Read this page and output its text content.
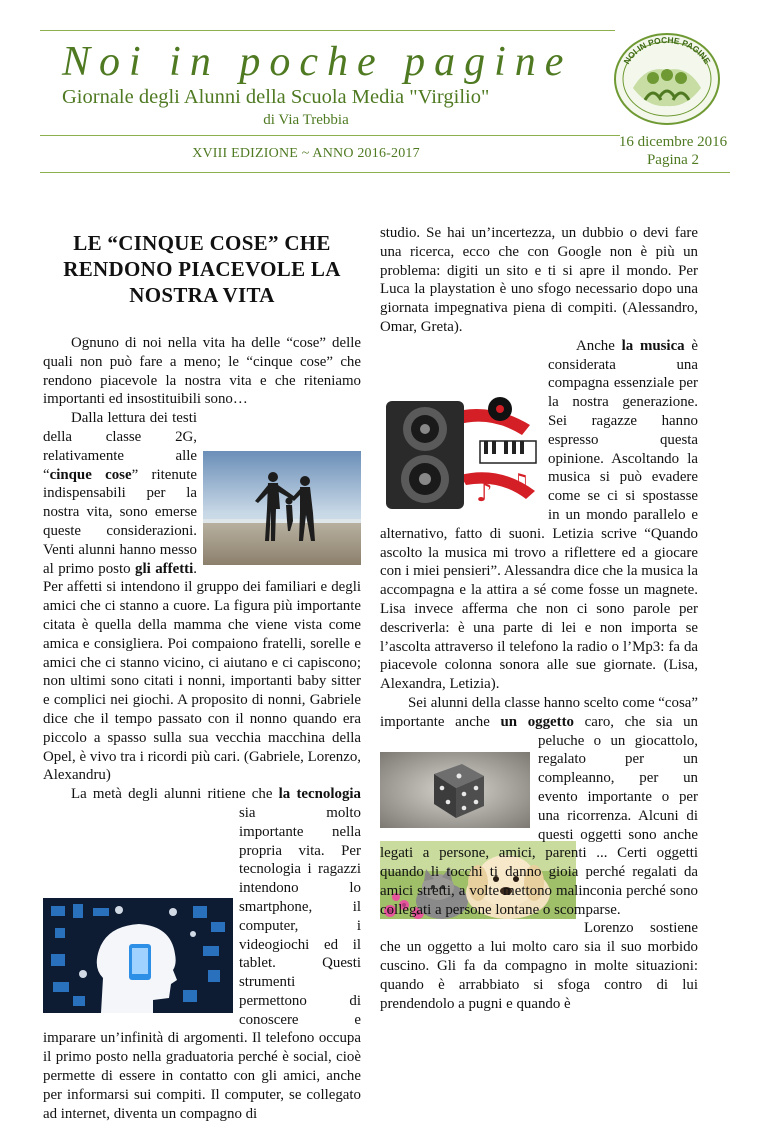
Noi in poche pagine
Giornale degli Alunni della Scuola Media "Virgilio"
di Via Trebbia
XVIII EDIZIONE ~ ANNO 2016-2017
16 dicembre 2016
Pagina 2
NOI IN POCHE PAGINE
LE “CINQUE COSE” CHE RENDONO PIACEVOLE LA NOSTRA VITA

Ognuno di noi nella vita ha delle “cose” delle quali non può fare a meno; le “cinque cose” che rendono piacevole la nostra vita e che riteniamo importanti ed insostituibili sono…

Dalla lettura dei testi della classe 2G, relativamente alle “cinque cose” ritenute indispensabili per la nostra vita, sono emerse queste considerazioni. Venti alunni hanno messo al primo posto gli affetti. Per affetti si intendono il gruppo dei familiari e degli amici che ci stanno a cuore. La figura più importante citata è quella della mamma che viene vista come amica e consigliera. Poi compaiono fratelli, sorelle e amici che ci stanno vicino, ci aiutano e ci capiscono; non ultimi sono citati i nonni, importanti baby sitter e complici nei giochi. A proposito di nonni, Gabriele dice che il tempo passato con il nonno quando era piccolo a spasso sulla sua vecchia macchina della Opel, è vivo tra i ricordi più cari. (Gabriele, Lorenzo, Alexandru)

La metà degli alunni ritiene che la tecnologia
sia molto importante nella propria vita. Per tecnologia i ragazzi intendono lo smartphone, il computer, i videogiochi ed il tablet. Questi strumenti permettono di conoscere e imparare un’infinità di argomenti. Il telefono occupa il primo posto nella graduatoria perché è social, cioè permette di essere in contatto con gli amici, anche per informarsi sui compiti. Il computer, se collegato ad internet, diventa un compagno di

studio. Se hai un’incertezza, un dubbio o devi fare una ricerca, ecco che con Google non è più un problema: digiti un sito e ti si apre il mondo. Per Luca la playstation è uno sfogo necessario dopo una giornata impegnativa piena di compiti. (Alessandro, Omar, Greta).

Anche la musica
♪ ♫
è considerata una compagna essenziale per la nostra generazione. Sei ragazze hanno espresso questa opinione. Ascoltando la musica si può evadere come se ci si spostasse in un mondo parallelo e alternativo, fatto di suoni. Letizia scrive “Quando ascolto la musica mi trovo a riflettere ed a giocare con i miei pensieri”. Alessandra dice che la musica la accompagna e la attira a sé come fosse un magnete. Lisa invece afferma che non ci sono parole per descriverla: è una parte di lei e non importa se l’ascolta attraverso il telefono la radio o l’Mp3: fa da piacevole colonna sonora alle sue giornate. (Lisa, Alexandra, Letizia).

Sei alunni della classe hanno scelto come “cosa” importante anche un oggetto
caro, che sia un peluche o un giocattolo, regalato per un compleanno, per un evento importante o per una ricorrenza. Alcuni di questi oggetti sono anche legati a persone, amici, parenti ... Certi oggetti quando li tocchi ti danno gioia perché regalati da amici stretti, a volte mettono malinconia perché sono collegati a persone lontane o scomparse.

Lorenzo sostiene che un oggetto a lui molto caro sia il suo morbido cuscino. Gli fa da compagno in molte situazioni: quando è arrabbiato si sfoga contro di lui prendendolo a pugni e quando è
